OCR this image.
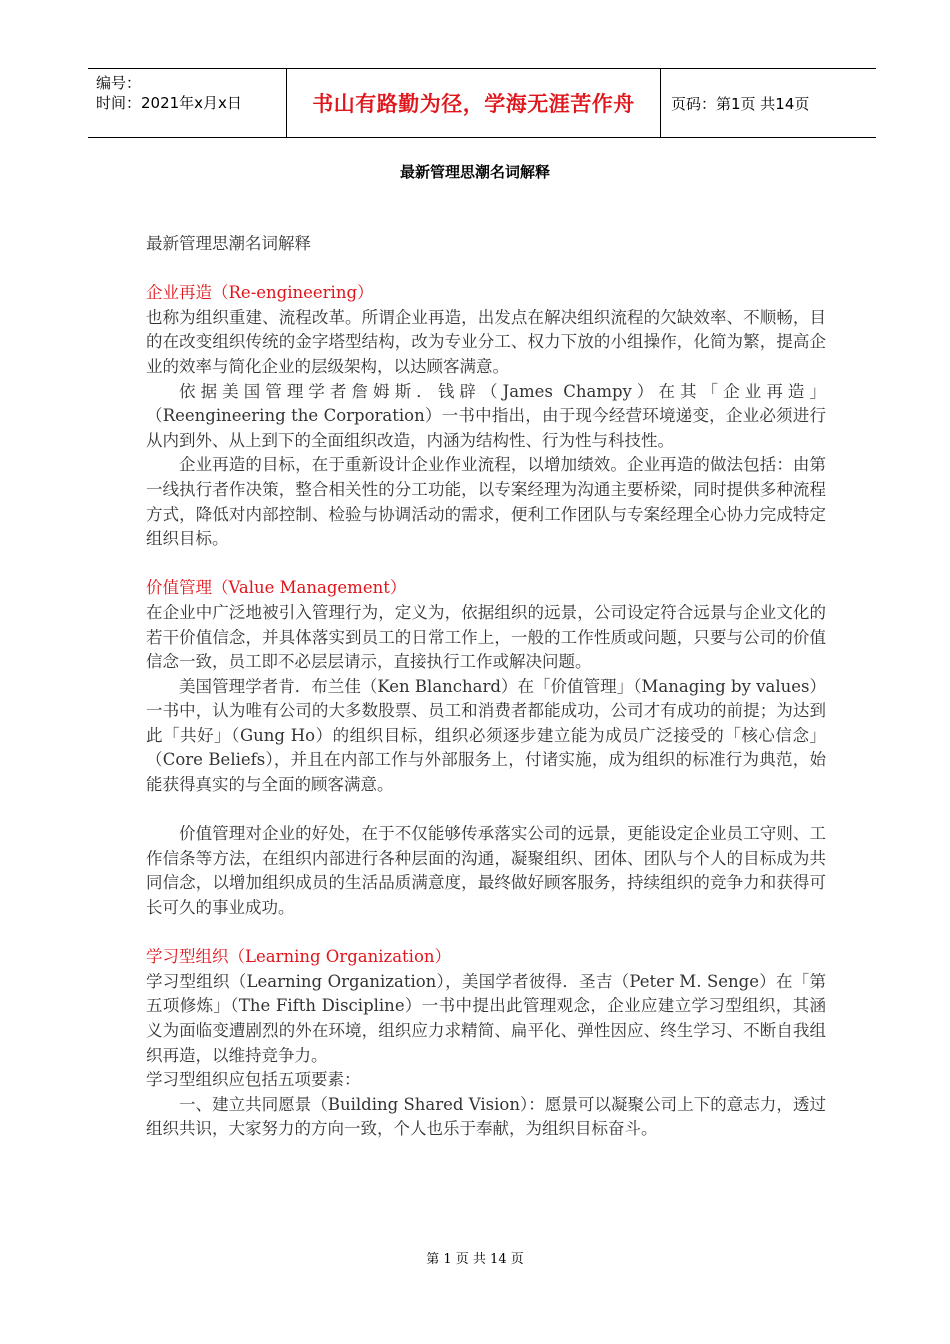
编号：
时间：2021年x月x日	书山有路勤为径，学海无涯苦作舟	页码：第1页 共14页
最新管理思潮名词解释

最新管理思潮名词解释

企业再造（Re-engineering）

也称为组织重建、流程改革。所谓企业再造，出发点在解决组织流程的欠缺效率、不顺畅，目的在改变组织传统的金字塔型结构，改为专业分工、权力下放的小组操作，化简为繁，提高企业的效率与简化企业的层级架构，以达顾客满意。

依据美国管理学者詹姆斯．钱辟（James Champy）在其「企业再造」（Reengineering the Corporation）一书中指出，由于现今经营环境递变，企业必须进行从内到外、从上到下的全面组织改造，内涵为结构性、行为性与科技性。

企业再造的目标，在于重新设计企业作业流程，以增加绩效。企业再造的做法包括：由第一线执行者作决策，整合相关性的分工功能，以专案经理为沟通主要桥梁，同时提供多种流程方式，降低对内部控制、检验与协调活动的需求，便利工作团队与专案经理全心协力完成特定组织目标。

价值管理（Value Management）

在企业中广泛地被引入管理行为，定义为，依据组织的远景，公司设定符合远景与企业文化的若干价值信念，并具体落实到员工的日常工作上，一般的工作性质或问题，只要与公司的价值信念一致，员工即不必层层请示，直接执行工作或解决问题。

美国管理学者肯．布兰佳（Ken Blanchard）在「价值管理」（Managing by values）一书中，认为唯有公司的大多数股票、员工和消费者都能成功，公司才有成功的前提；为达到此「共好」（Gung Ho）的组织目标，组织必须逐步建立能为成员广泛接受的「核心信念」（Core Beliefs），并且在内部工作与外部服务上，付诸实施，成为组织的标准行为典范，始能获得真实的与全面的顾客满意。

价值管理对企业的好处，在于不仅能够传承落实公司的远景，更能设定企业员工守则、工作信条等方法，在组织内部进行各种层面的沟通，凝聚组织、团体、团队与个人的目标成为共同信念，以增加组织成员的生活品质满意度，最终做好顾客服务，持续组织的竞争力和获得可长可久的事业成功。

学习型组织（Learning Organization）

学习型组织（Learning Organization），美国学者彼得．圣吉（Peter M. Senge）在「第五项修炼」（The Fifth Discipline）一书中提出此管理观念，企业应建立学习型组织，其涵义为面临变遭剧烈的外在环境，组织应力求精简、扁平化、弹性因应、终生学习、不断自我组织再造，以维持竞争力。

学习型组织应包括五项要素：

一、建立共同愿景（Building Shared Vision）：愿景可以凝聚公司上下的意志力，透过组织共识，大家努力的方向一致，个人也乐于奉献，为组织目标奋斗。

第 1 页 共 14 页
